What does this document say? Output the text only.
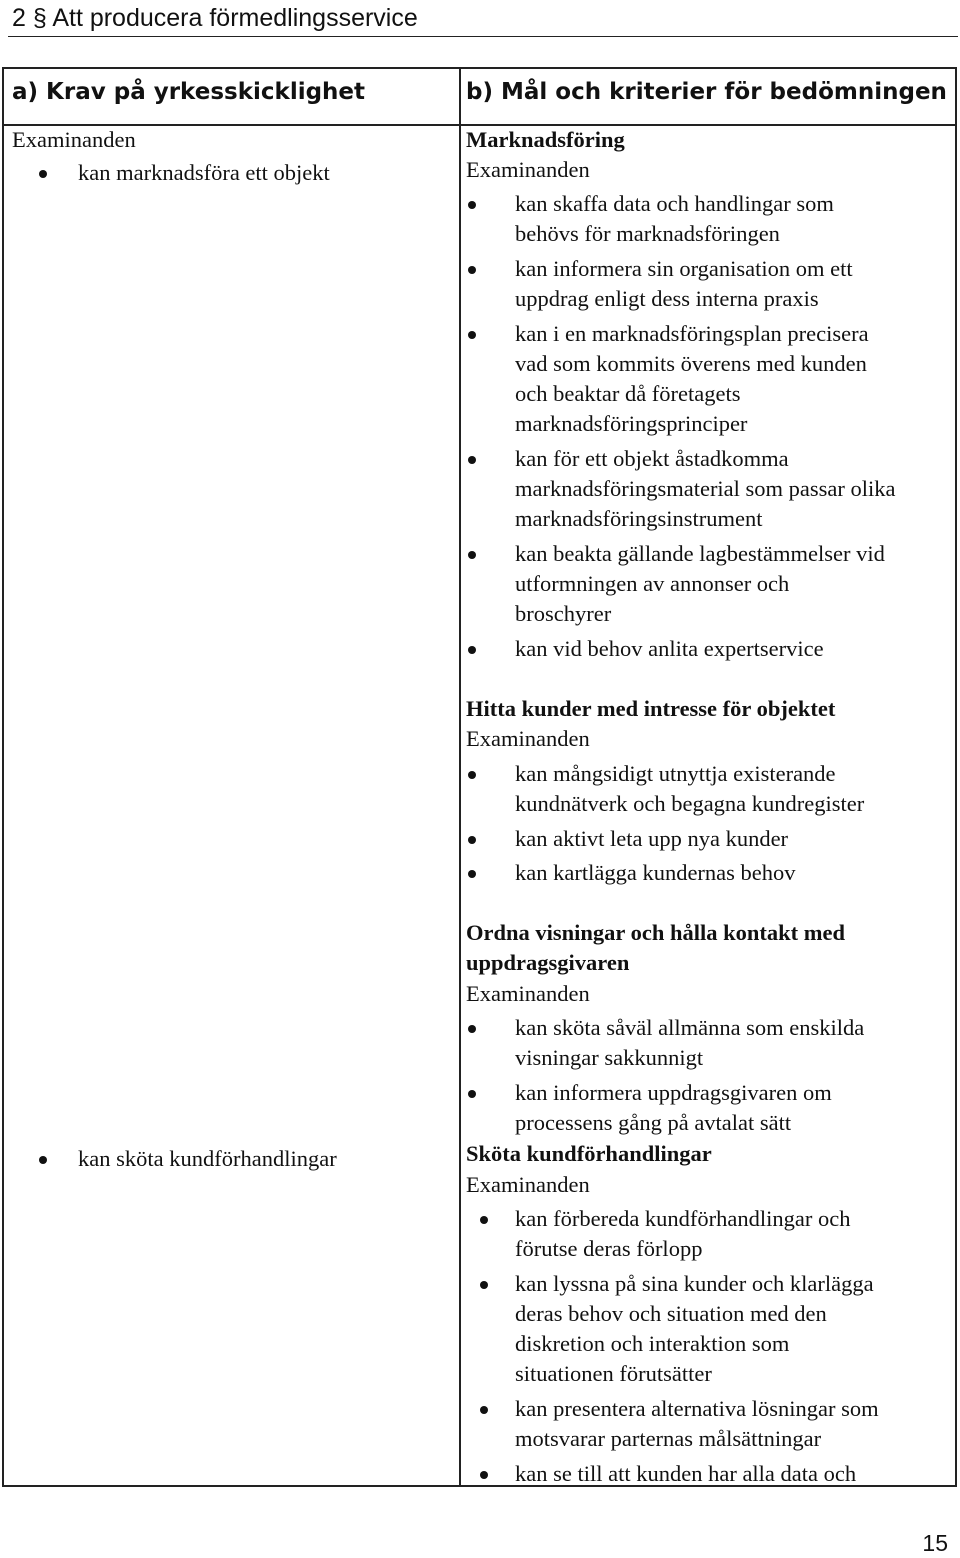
2 § Att producera förmedlingsservice
a) Krav på yrkesskicklighet	b) Mål och kriterier för bedömningen
Examinanden
kan marknadsföra ett objekt
kan sköta kundförhandlingar
Marknadsföring
Examinanden
kan skaffa data och handlingar som
behövs för marknadsföringen
kan informera sin organisation om ett
uppdrag enligt dess interna praxis
kan i en marknadsföringsplan precisera
vad som kommits överens med kunden
och beaktar då företagets
marknadsföringsprinciper
kan för ett objekt åstadkomma
marknadsföringsmaterial som passar olika
marknadsföringsinstrument
kan beakta gällande lagbestämmelser vid
utformningen av annonser och
broschyrer
kan vid behov anlita expertservice
Hitta kunder med intresse för objektet
Examinanden
kan mångsidigt utnyttja existerande
kundnätverk och begagna kundregister
kan aktivt leta upp nya kunder
kan kartlägga kundernas behov
Ordna visningar och hålla kontakt med
uppdragsgivaren
Examinanden
kan sköta såväl allmänna som enskilda
visningar sakkunnigt
kan informera uppdragsgivaren om
processens gång på avtalat sätt
Sköta kundförhandlingar
Examinanden
kan förbereda kundförhandlingar och
förutse deras förlopp
kan lyssna på sina kunder och klarlägga
deras behov och situation med den
diskretion och interaktion som
situationen förutsätter
kan presentera alternativa lösningar som
motsvarar parternas målsättningar
kan se till att kunden har alla data och
15
